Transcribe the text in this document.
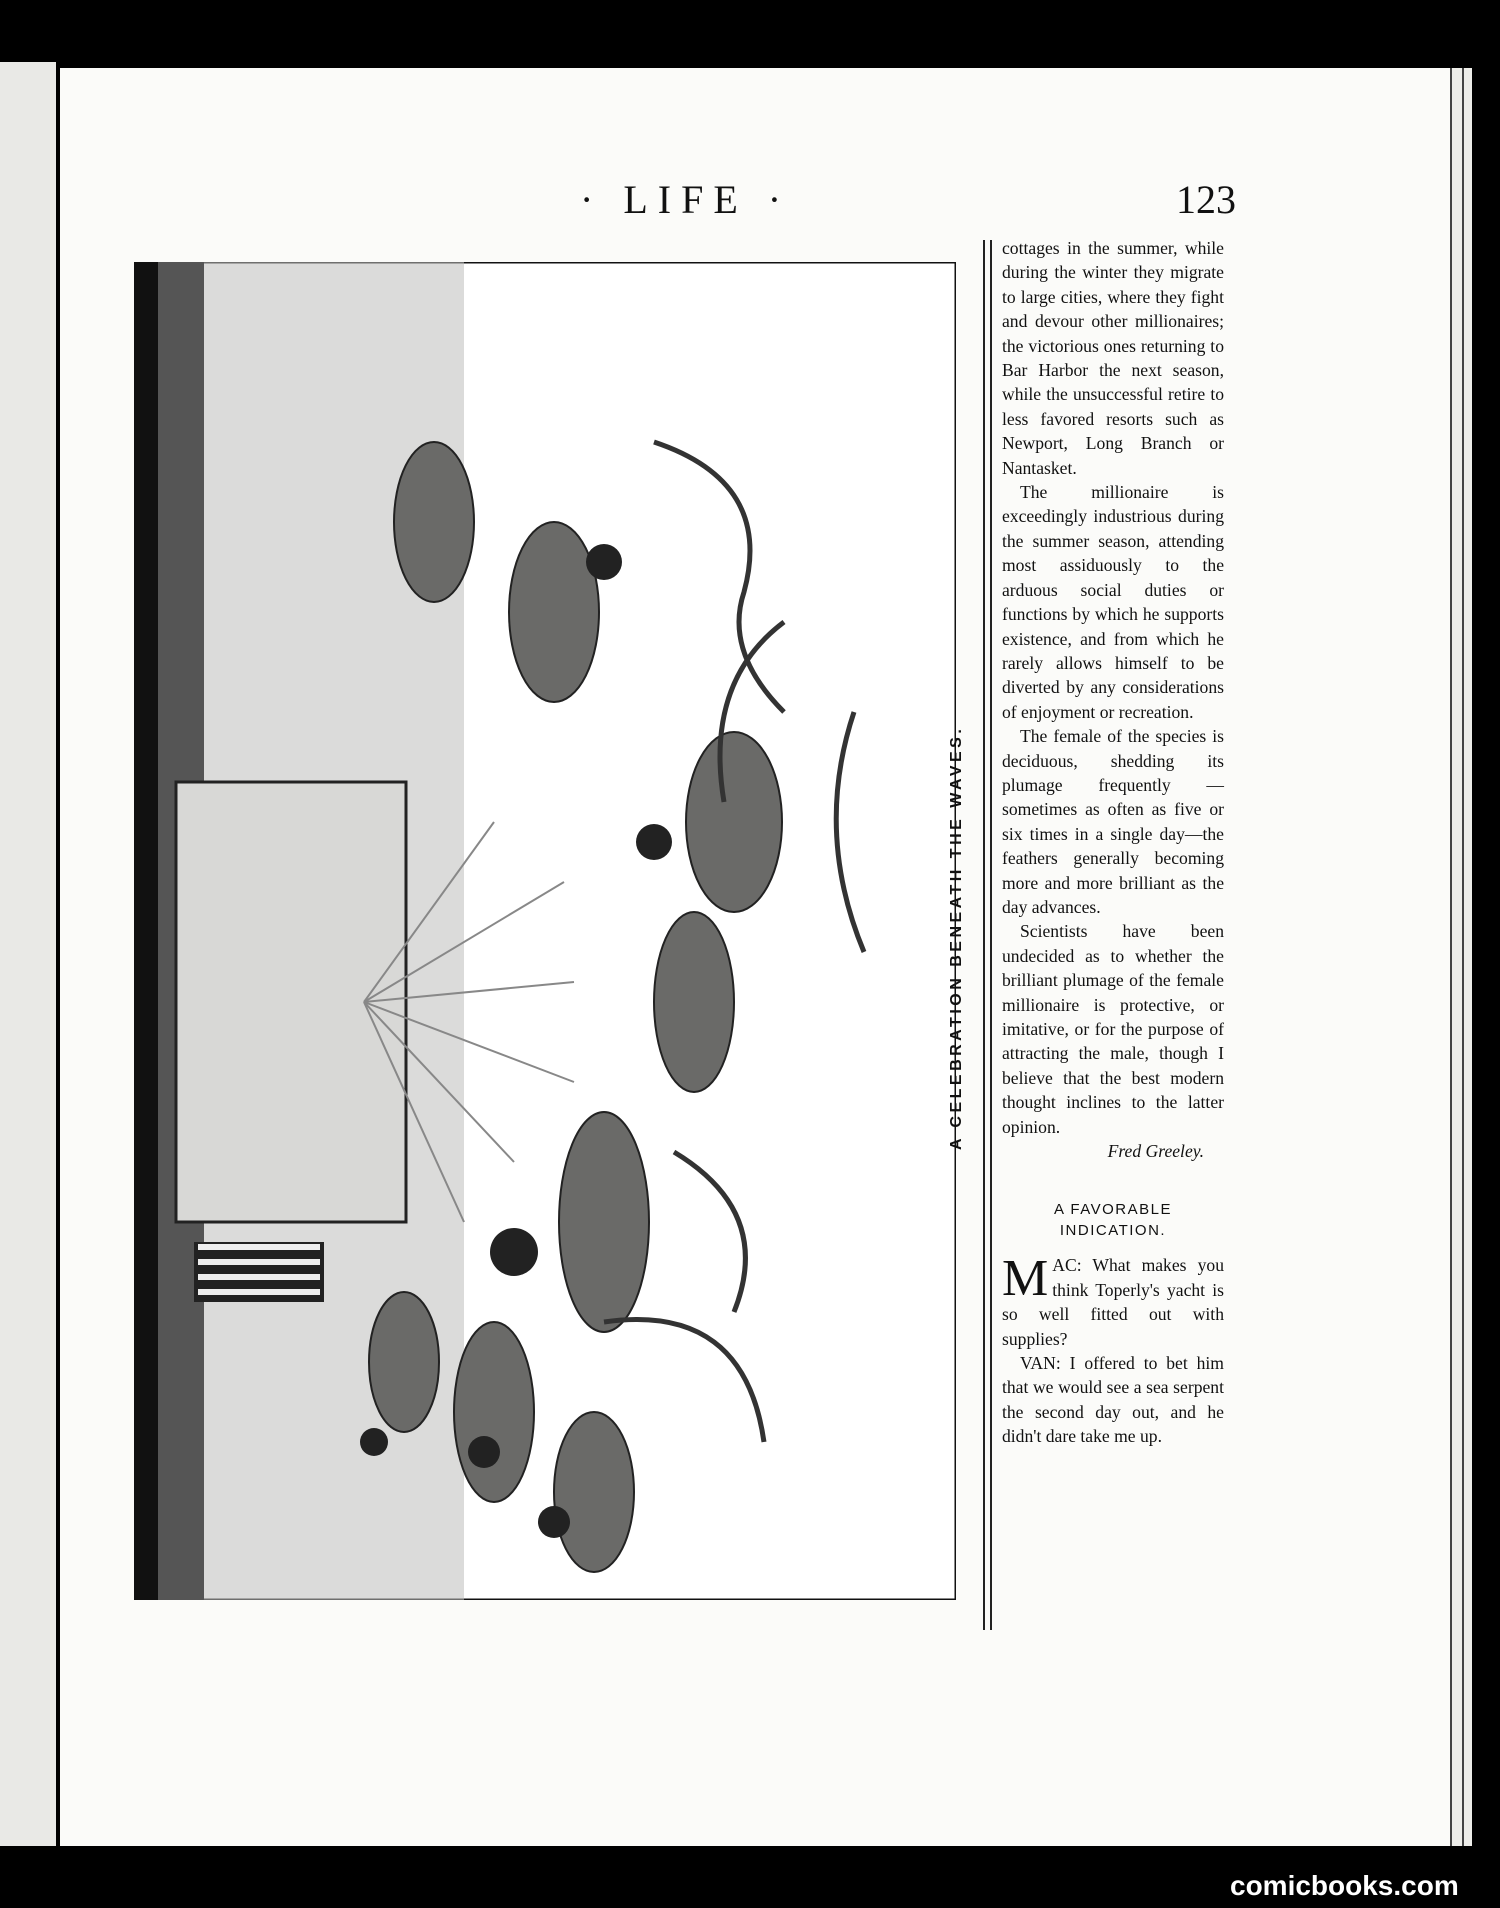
· LIFE ·	123
A CELEBRATION BENEATH THE WAVES.

cottages in the summer, while during the winter they migrate to large cities, where they fight and devour other millionaires; the victorious ones returning to Bar Harbor the next season, while the unsuccessful retire to less favored resorts such as Newport, Long Branch or Nantasket.

The millionaire is exceedingly industrious during the summer season, attending most assiduously to the arduous social duties or functions by which he supports existence, and from which he rarely allows himself to be diverted by any considerations of enjoyment or recreation.

The female of the species is deciduous, shedding its plumage frequently — sometimes as often as five or six times in a single day—the feathers generally becoming more and more brilliant as the day advances.

Scientists have been undecided as to whether the brilliant plumage of the female millionaire is protective, or imitative, or for the purpose of attracting the male, though I believe that the best modern thought inclines to the latter opinion.

Fred Greeley.

A FAVORABLE INDICATION.

MAC: What makes you think Toperly's yacht is so well fitted out with supplies?

VAN: I offered to bet him that we would see a sea serpent the second day out, and he didn't dare take me up.

comicbooks.com
